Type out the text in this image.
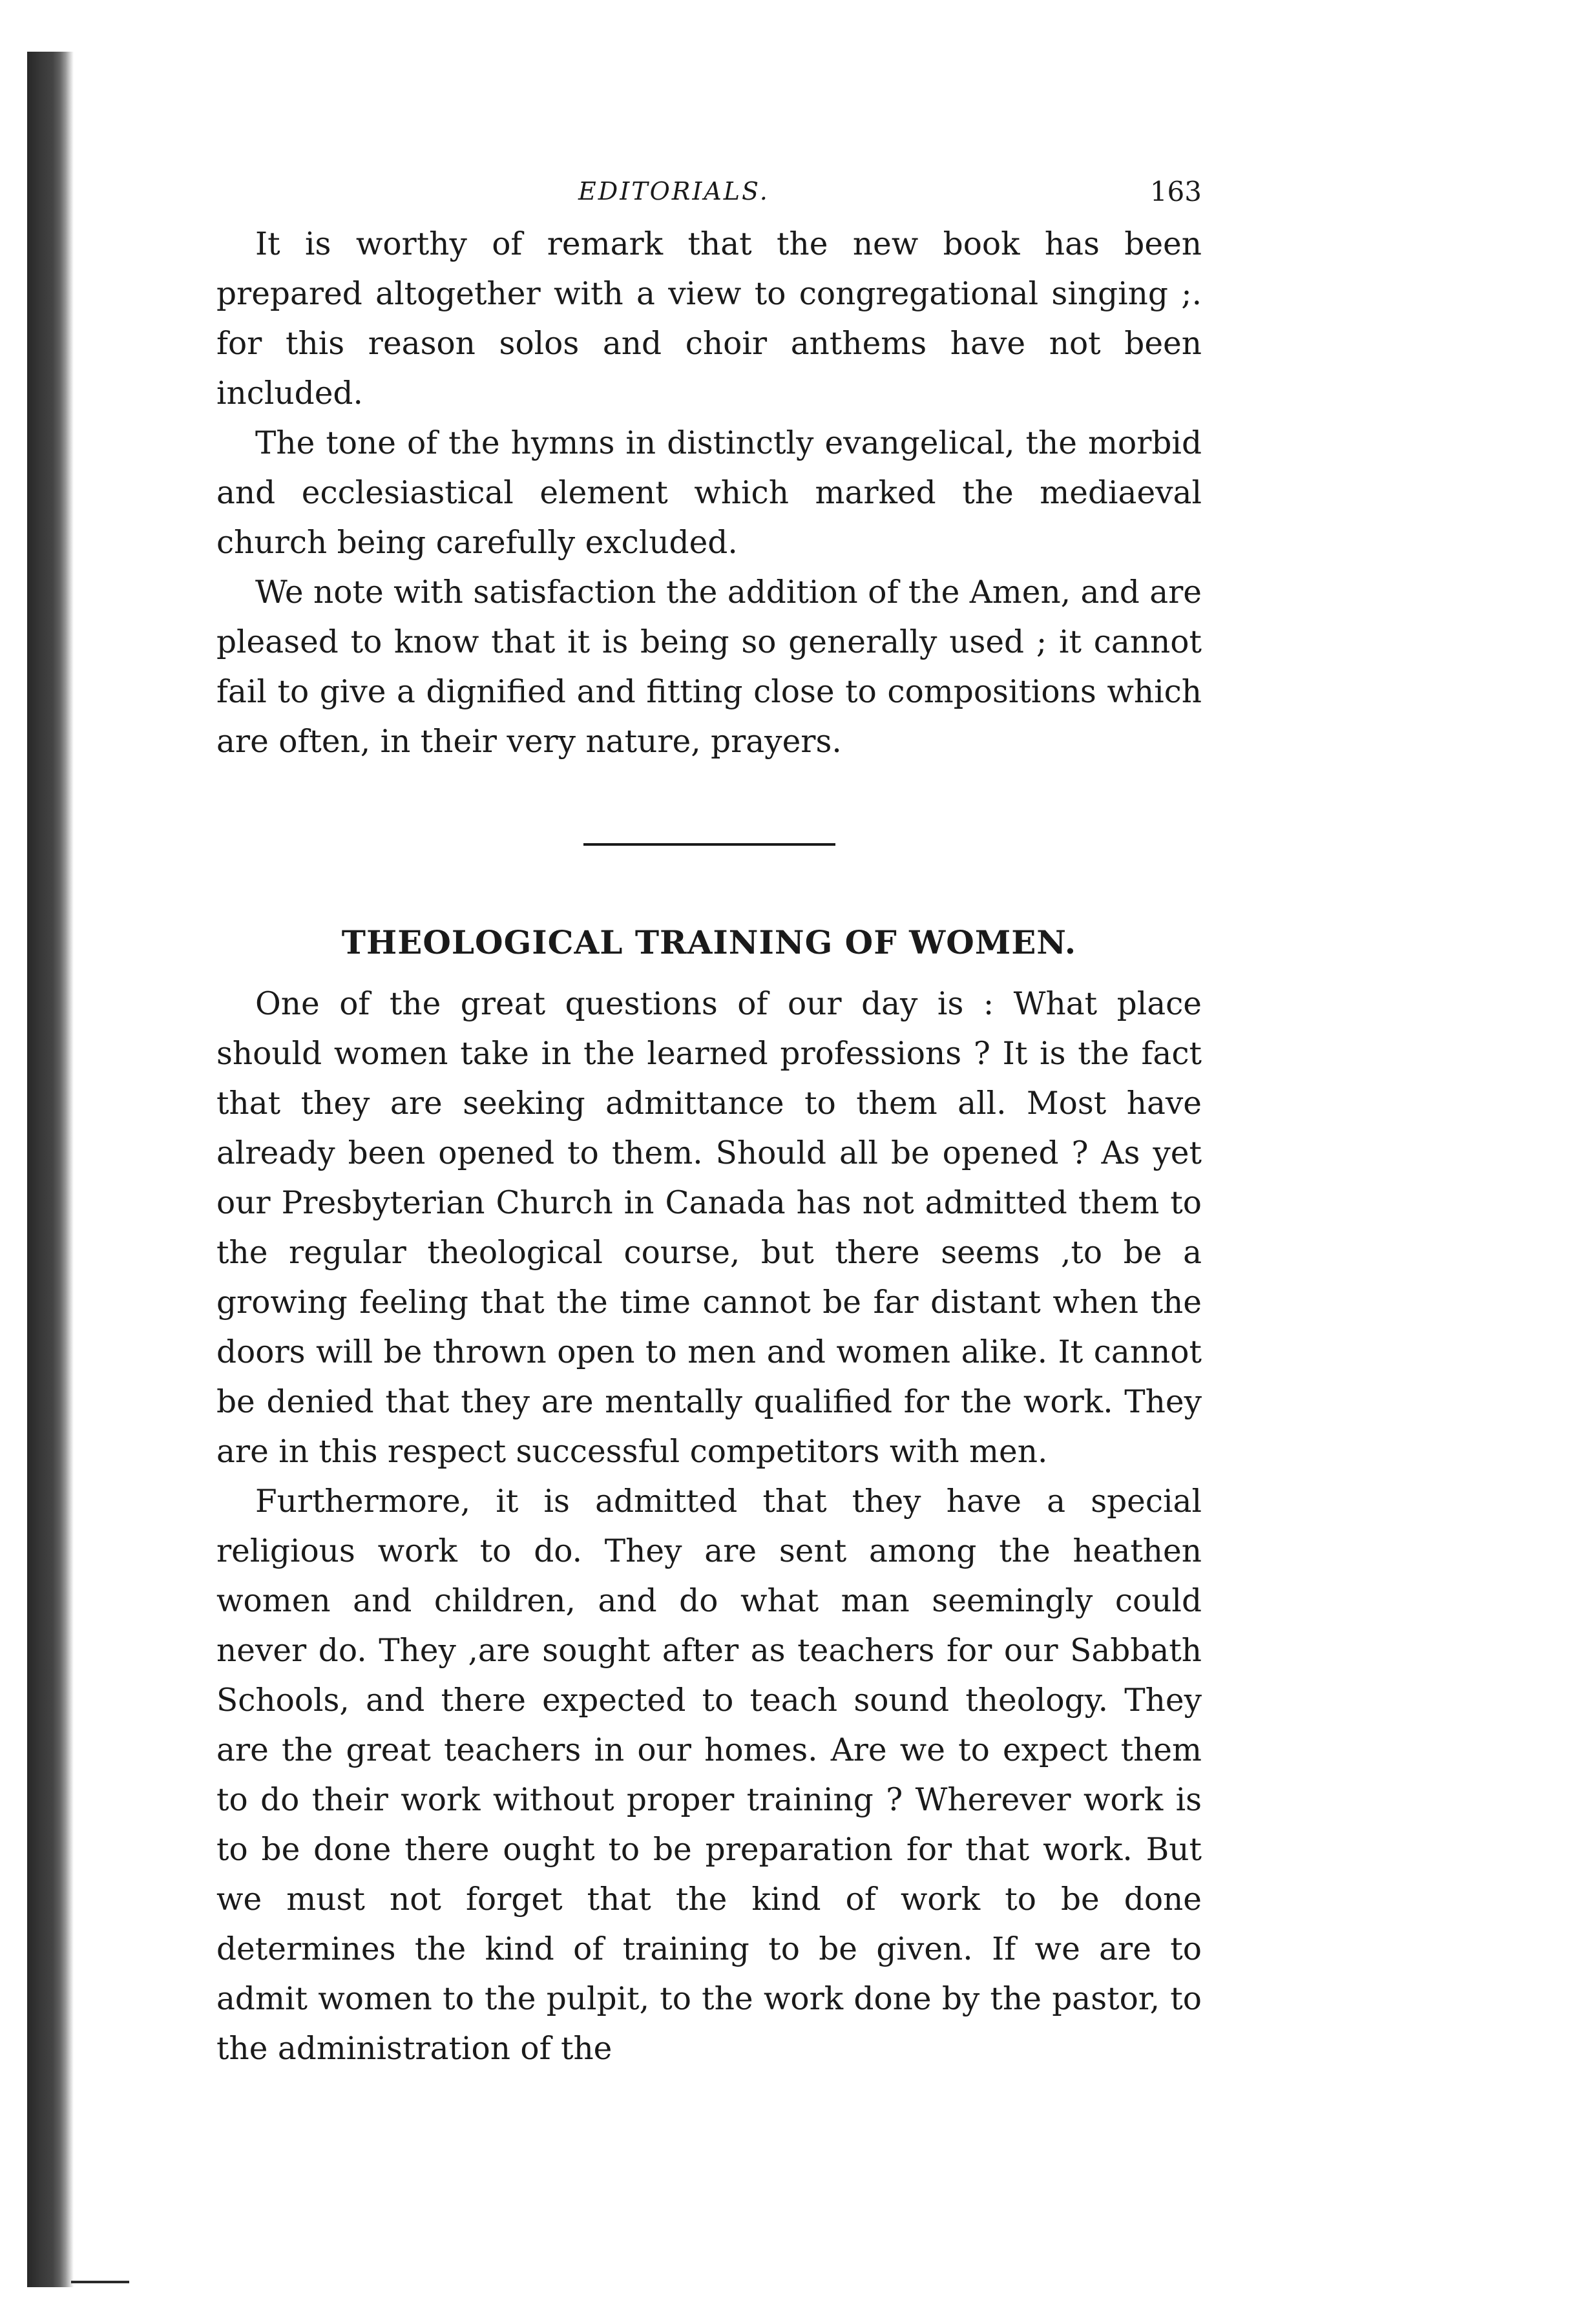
EDITORIALS.	163

It is worthy of remark that the new book has been prepared altogether with a view to congregational singing ;. for this reason solos and choir anthems have not been included.

The tone of the hymns in distinctly evangelical, the morbid and ecclesiastical element which marked the mediaeval church being carefully excluded.

We note with satisfaction the addition of the Amen, and are pleased to know that it is being so generally used ; it cannot fail to give a dignified and fitting close to compositions which are often, in their very nature, prayers.

THEOLOGICAL TRAINING OF WOMEN.

One of the great questions of our day is : What place should women take in the learned professions ? It is the fact that they are seeking admittance to them all. Most have already been opened to them. Should all be opened ? As yet our Presbyterian Church in Canada has not admitted them to the regular theological course, but there seems ,to be a growing feeling that the time cannot be far distant when the doors will be thrown open to men and women alike. It cannot be denied that they are mentally qualified for the work. They are in this respect successful competitors with men.

Furthermore, it is admitted that they have a special religious work to do. They are sent among the heathen women and children, and do what man seemingly could never do. They ,are sought after as teachers for our Sabbath Schools, and there expected to teach sound theology. They are the great teachers in our homes. Are we to expect them to do their work without proper training ? Wherever work is to be done there ought to be preparation for that work. But we must not forget that the kind of work to be done determines the kind of training to be given. If we are to admit women to the pulpit, to the work done by the pastor, to the administration of the
